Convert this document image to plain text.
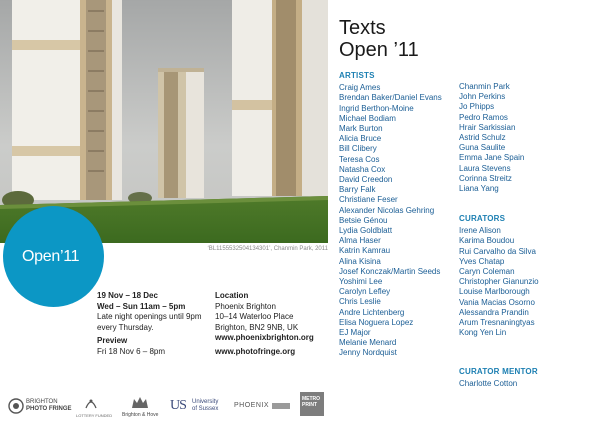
‘BL1155532504134301’, Chanmin Park, 2011
Open’11
19 Nov – 18 Dec
Wed – Sun 11am – 5pm
Late night openings until 9pm every Thursday.
Preview
Fri 18 Nov 6 – 8pm
Location
Phoenix Brighton
10–14 Waterloo Place
Brighton, BN2 9NB, UK
www.phoenixbrighton.org
www.photofringe.org
Texts
Open ’11
ARTISTS
Craig Ames
Brendan Baker/Daniel Evans
Ingrid Berthon-Moine
Michael Bodiam
Mark Burton
Alicia Bruce
Bill Clibery
Teresa Cos
Natasha Cox
David Creedon
Barry Falk
Christiane Feser
Alexander Nicolas Gehring
Betsie Génou
Lydia Goldblatt
Alma Haser
Katrin Kamrau
Alina Kisina
Josef Konczak/Martin Seeds
Yoshimi Lee
Carolyn Lefley
Chris Leslie
Andre Lichtenberg
Elisa Noguera Lopez
EJ Major
Melanie Menard
Jenny Nordquist
Chanmin Park
John Perkins
Jo Phipps
Pedro Ramos
Hrair Sarkissian
Astrid Schulz
Guna Saulite
Emma Jane Spain
Laura Stevens
Corinna Streitz
Liana Yang
CURATORS
Irene Alison
Karima Boudou
Rui Carvalho da Silva
Yves Chatap
Caryn Coleman
Christopher Gianunzio
Louise Marlborough
Vania Macias Osorno
Alessandra Prandin
Arum Tresnaningtyas
Kong Yen Lin
CURATOR MENTOR
Charlotte Cotton
BRIGHTON
PHOTO FRINGE
LOTTERY FUNDED Brighton & Hove
US University
of Sussex PHOENIX
METRO
PRINT
